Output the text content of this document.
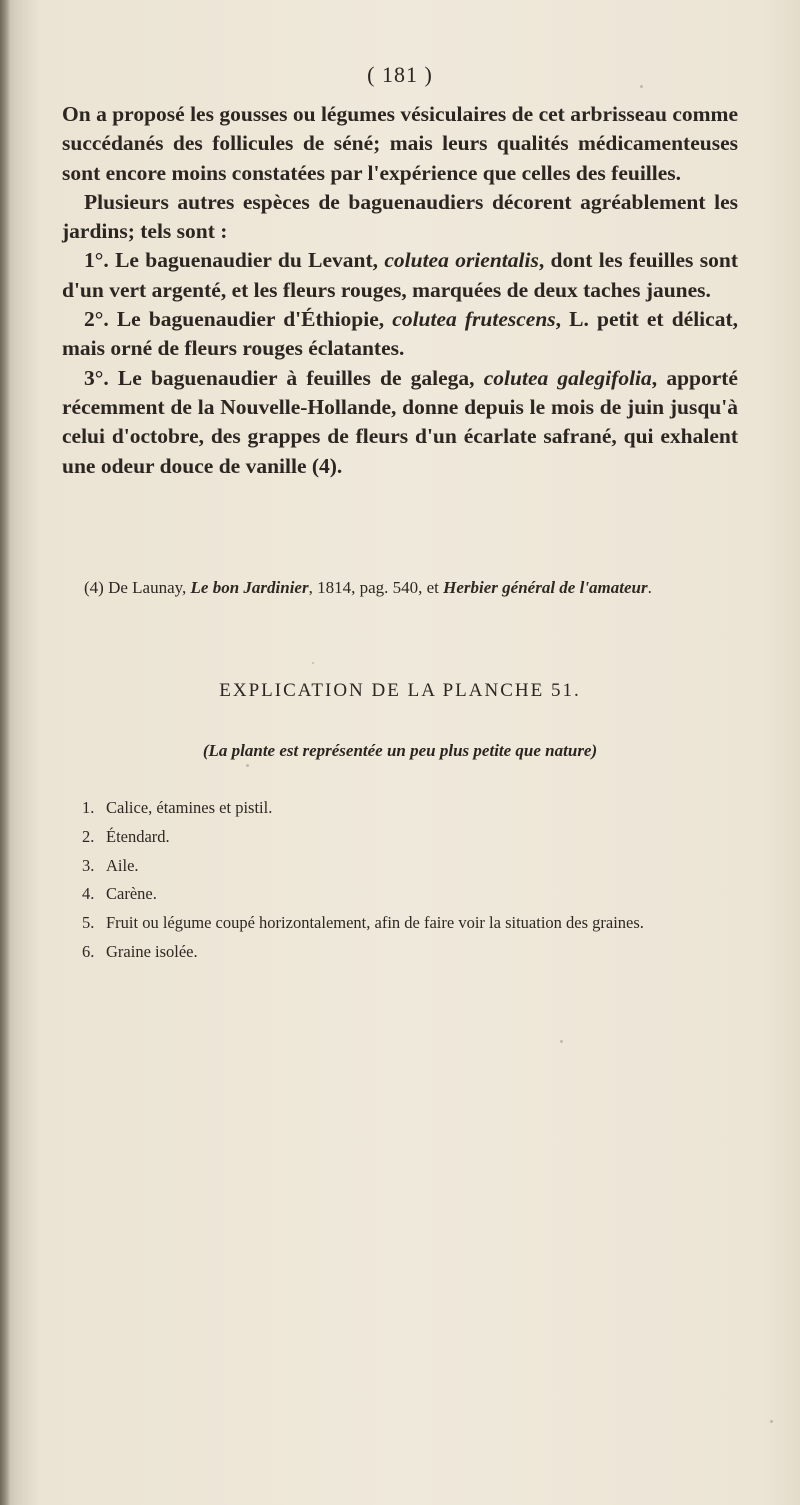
( 181 )

On a proposé les gousses ou légumes vésiculaires de cet arbrisseau comme succédanés des follicules de séné; mais leurs qualités médicamenteuses sont encore moins constatées par l'expérience que celles des feuilles.

Plusieurs autres espèces de baguenaudiers décorent agréablement les jardins; tels sont :

1°. Le baguenaudier du Levant, colutea orientalis, dont les feuilles sont d'un vert argenté, et les fleurs rouges, marquées de deux taches jaunes.

2°. Le baguenaudier d'Éthiopie, colutea frutescens, L. petit et délicat, mais orné de fleurs rouges éclatantes.

3°. Le baguenaudier à feuilles de galega, colutea galegifolia, apporté récemment de la Nouvelle-Hollande, donne depuis le mois de juin jusqu'à celui d'octobre, des grappes de fleurs d'un écarlate safrané, qui exhalent une odeur douce de vanille (4).

(4) De Launay, Le bon Jardinier, 1814, pag. 540, et Herbier général de l'amateur.
EXPLICATION DE LA PLANCHE 51.
(La plante est représentée un peu plus petite que nature)
1. Calice, étamines et pistil.
2. Étendard.
3. Aile.
4. Carène.
5. Fruit ou légume coupé horizontalement, afin de faire voir la situation des graines.
6. Graine isolée.
